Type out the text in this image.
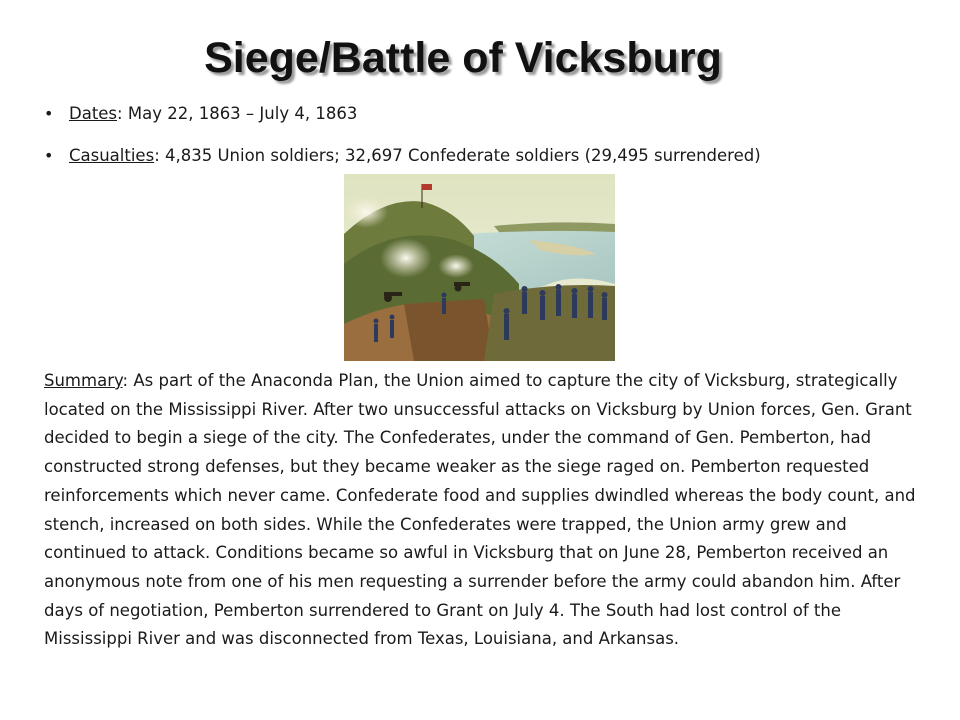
Siege/Battle of Vicksburg
• Dates: May 22, 1863 – July 4, 1863
• Casualties: 4,835 Union soldiers; 32,697 Confederate soldiers (29,495 surrendered)

Summary: As part of the Anaconda Plan, the Union aimed to capture the city of Vicksburg, strategically located on the Mississippi River. After two unsuccessful attacks on Vicksburg by Union forces, Gen. Grant decided to begin a siege of the city. The Confederates, under the command of Gen. Pemberton, had constructed strong defenses, but they became weaker as the siege raged on. Pemberton requested reinforcements which never came. Confederate food and supplies dwindled whereas the body count, and stench, increased on both sides. While the Confederates were trapped, the Union army grew and continued to attack. Conditions became so awful in Vicksburg that on June 28, Pemberton received an anonymous note from one of his men requesting a surrender before the army could abandon him. After days of negotiation, Pemberton surrendered to Grant on July 4. The South had lost control of the Mississippi River and was disconnected from Texas, Louisiana, and Arkansas.
